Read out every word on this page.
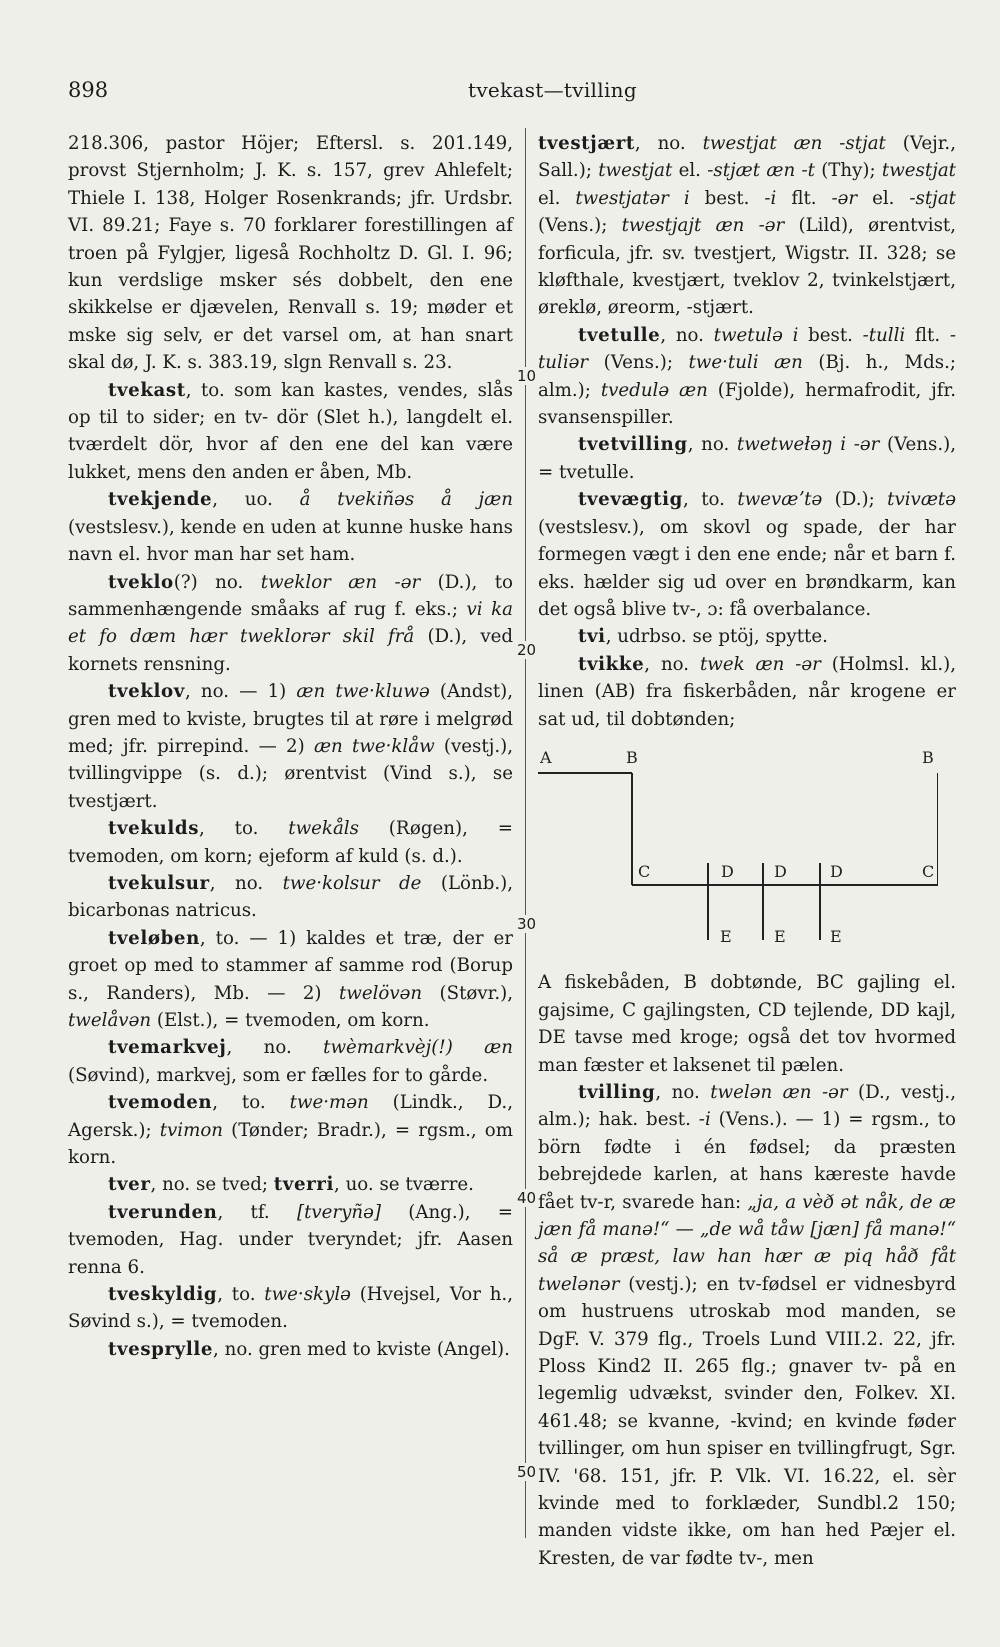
898	tvekast—tvilling

218.306, pastor Höjer; Eftersl. s. 201.149, provst Stjernholm; J. K. s. 157, grev Ahlefelt; Thiele I. 138, Holger Rosenkrands; jfr. Urdsbr. VI. 89.21; Faye s. 70 forklarer forestillingen af troen på Fylgjer, ligeså Rochholtz D. Gl. I. 96; kun verdslige msker sés dobbelt, den ene skikkelse er djævelen, Renvall s. 19; møder et mske sig selv, er det varsel om, at han snart skal dø, J. K. s. 383.19, slgn Renvall s. 23.

tvekast, to. som kan kastes, vendes, slås op til to sider; en tv- dör (Slet h.), langdelt el. tværdelt dör, hvor af den ene del kan være lukket, mens den anden er åben, Mb.

tvekjende, uo. å tvekiñəs å jæn (vestslesv.), kende en uden at kunne huske hans navn el. hvor man har set ham.

tveklo(?) no. tweklor æn -ər (D.), to sammenhængende småaks af rug f. eks.; vi ka et fo dæm hær tweklorər skil frå (D.), ved kornets rensning.

tveklov, no. — 1) æn twe·kluwə (Andst), gren med to kviste, brugtes til at røre i melgrød med; jfr. pirrepind. — 2) æn twe·klåw (vestj.), tvillingvippe (s. d.); ørentvist (Vind s.), se tvestjært.

tvekulds, to. twekåls (Røgen), = tvemoden, om korn; ejeform af kuld (s. d.).

tvekulsur, no. twe·kolsur de (Lönb.), bicarbonas natricus.

tveløben, to. — 1) kaldes et træ, der er groet op med to stammer af samme rod (Borup s., Randers), Mb. — 2) twelövən (Støvr.), twelåvən (Elst.), = tvemoden, om korn.

tvemarkvej, no. twèmarkvèj(!) æn (Søvind), markvej, som er fælles for to gårde.

tvemoden, to. twe·mən (Lindk., D., Agersk.); tvimon (Tønder; Bradr.), = rgsm., om korn.

tver, no. se tved; tverri, uo. se tværre.

tverunden, tf. [tveryñə] (Ang.), = tvemoden, Hag. under tveryndet; jfr. Aasen renna 6.

tveskyldig, to. twe·skylə (Hvejsel, Vor h., Søvind s.), = tvemoden.

tvesprylle, no. gren med to kviste (Angel).

10
20
30
40
50

tvestjært, no. twestjat æn -stjat (Vejr., Sall.); twestjat el. -stjæt æn -t (Thy); twestjat el. twestjatər i best. -i flt. -ər el. -stjat (Vens.); twestjajt æn -ər (Lild), ørentvist, forficula, jfr. sv. tvestjert, Wigstr. II. 328; se kløfthale, kvestjært, tveklov 2, tvinkelstjært, øreklø, øreorm, -stjært.

tvetulle, no. twetulə i best. -tulli flt. -tuliər (Vens.); twe·tuli æn (Bj. h., Mds.; alm.); tvedulə æn (Fjolde), hermafrodit, jfr. svansenspiller.

tvetvilling, no. twetwełəŋ i -ər (Vens.), = tvetulle.

tvevægtig, to. twevæʼtə (D.); tvivætə (vestslesv.), om skovl og spade, der har formegen vægt i den ene ende; når et barn f. eks. hælder sig ud over en brøndkarm, kan det også blive tv-, ɔ: få overbalance.

tvi, udrbso. se ptöj, spytte.

tvikke, no. twek æn -ər (Holmsl. kl.), linen (AB) fra fiskerbåden, når krogene er sat ud, til dobtønden;

A	B	B
C	C
D	D	D
E	E	E

A fiskebåden, B dobtønde, BC gajling el. gajsime, C gajlingsten, CD tejlende, DD kajl, DE tavse med kroge; også det tov hvormed man fæster et laksenet til pælen.

tvilling, no. twelən æn -ər (D., vestj., alm.); hak. best. -i (Vens.). — 1) = rgsm., to börn fødte i én fødsel; da præsten bebrejdede karlen, at hans kæreste havde fået tv-r, svarede han: „ja, a vèð ət nåk, de æ jæn få manə!“ — „de wå tåw [jæn] få manə!“ så æ præst, law han hær æ piq håð fåt twelənər (vestj.); en tv-fødsel er vidnesbyrd om hustruens utroskab mod manden, se DgF. V. 379 flg., Troels Lund VIII.2. 22, jfr. Ploss Kind2 II. 265 flg.; gnaver tv- på en legemlig udvækst, svinder den, Folkev. XI. 461.48; se kvanne, -kvind; en kvinde føder tvillinger, om hun spiser en tvillingfrugt, Sgr. IV. '68. 151, jfr. P. Vlk. VI. 16.22, el. sèr kvinde med to forklæder, Sundbl.2 150; manden vidste ikke, om han hed Pæjer el. Kresten, de var fødte tv-, men
